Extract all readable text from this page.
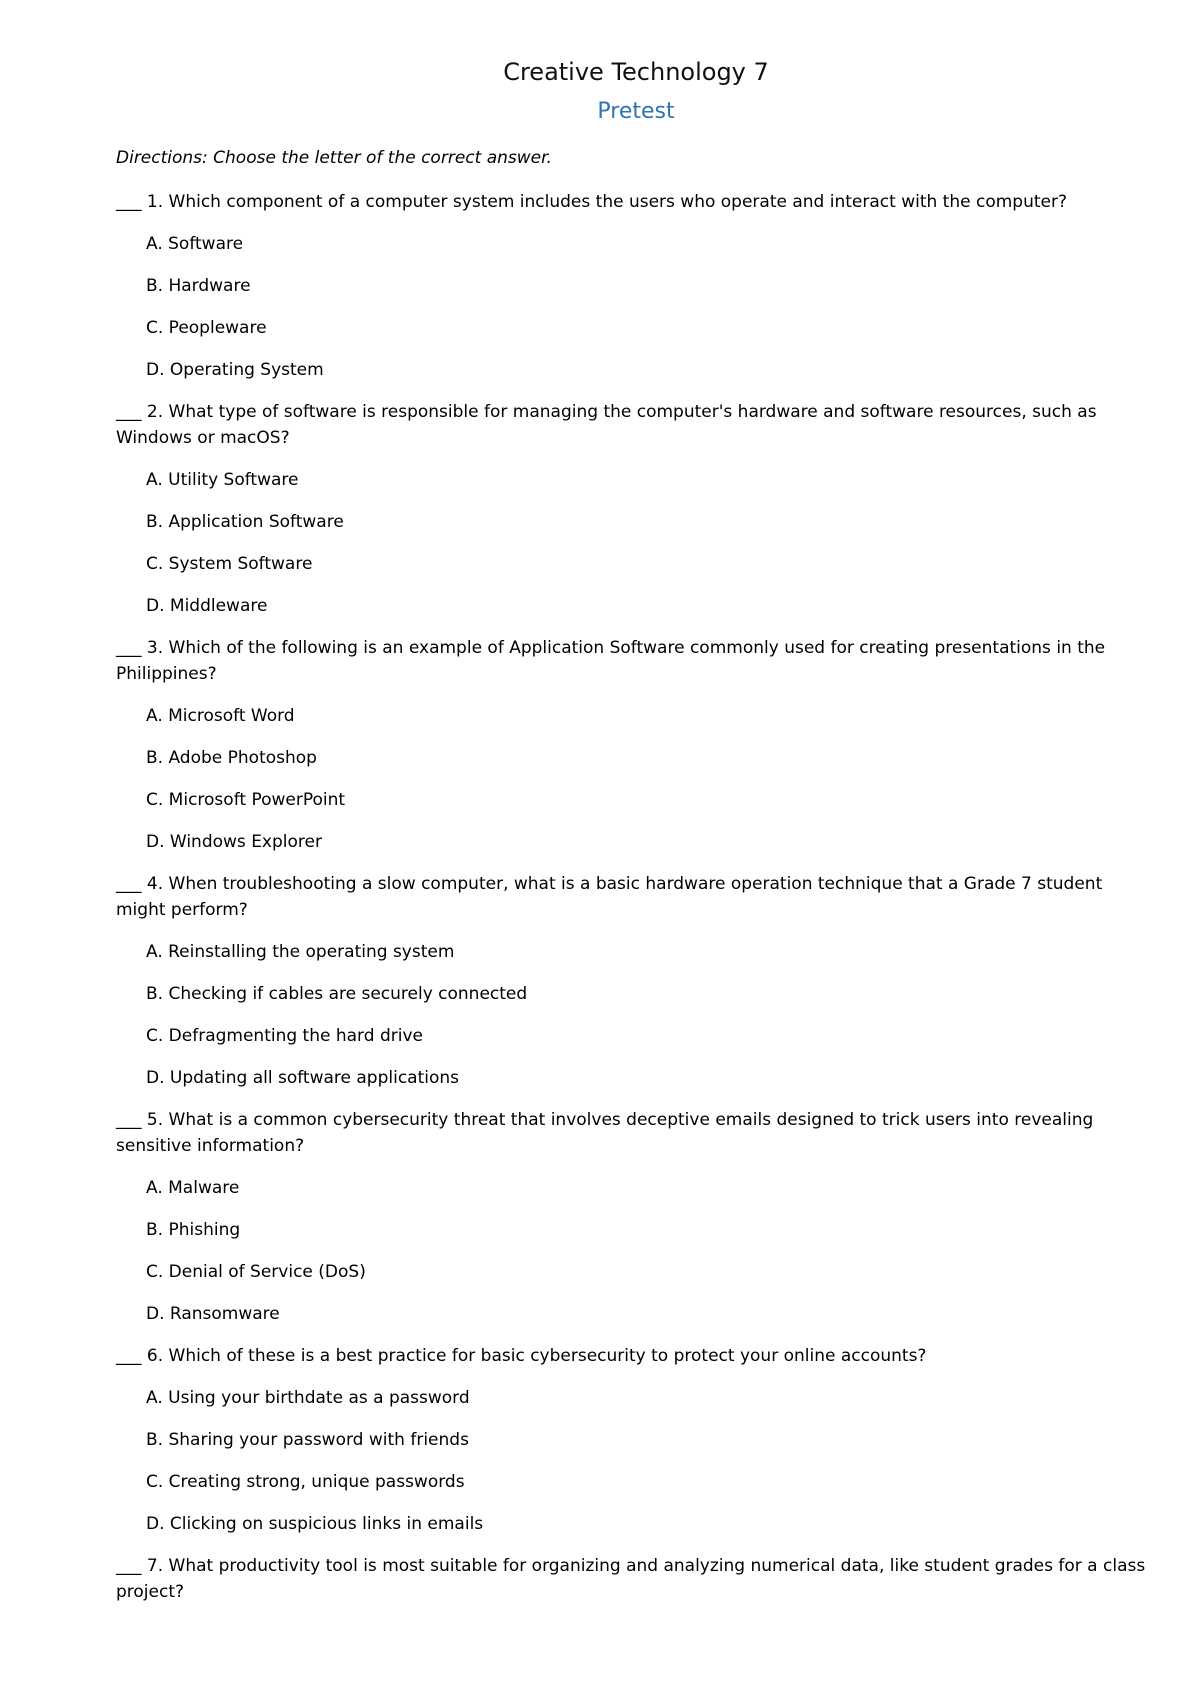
Creative Technology 7
Pretest
Directions: Choose the letter of the correct answer.

___ 1. Which component of a computer system includes the users who operate and interact with the computer?

A. Software

B. Hardware

C. Peopleware

D. Operating System

___ 2. What type of software is responsible for managing the computer's hardware and software resources, such as Windows or macOS?

A. Utility Software

B. Application Software

C. System Software

D. Middleware

___ 3. Which of the following is an example of Application Software commonly used for creating presentations in the Philippines?

A. Microsoft Word

B. Adobe Photoshop

C. Microsoft PowerPoint

D. Windows Explorer

___ 4. When troubleshooting a slow computer, what is a basic hardware operation technique that a Grade 7 student might perform?

A. Reinstalling the operating system

B. Checking if cables are securely connected

C. Defragmenting the hard drive

D. Updating all software applications

___ 5. What is a common cybersecurity threat that involves deceptive emails designed to trick users into revealing sensitive information?

A. Malware

B. Phishing

C. Denial of Service (DoS)

D. Ransomware

___ 6. Which of these is a best practice for basic cybersecurity to protect your online accounts?

A. Using your birthdate as a password

B. Sharing your password with friends

C. Creating strong, unique passwords

D. Clicking on suspicious links in emails

___ 7. What productivity tool is most suitable for organizing and analyzing numerical data, like student grades for a class project?
